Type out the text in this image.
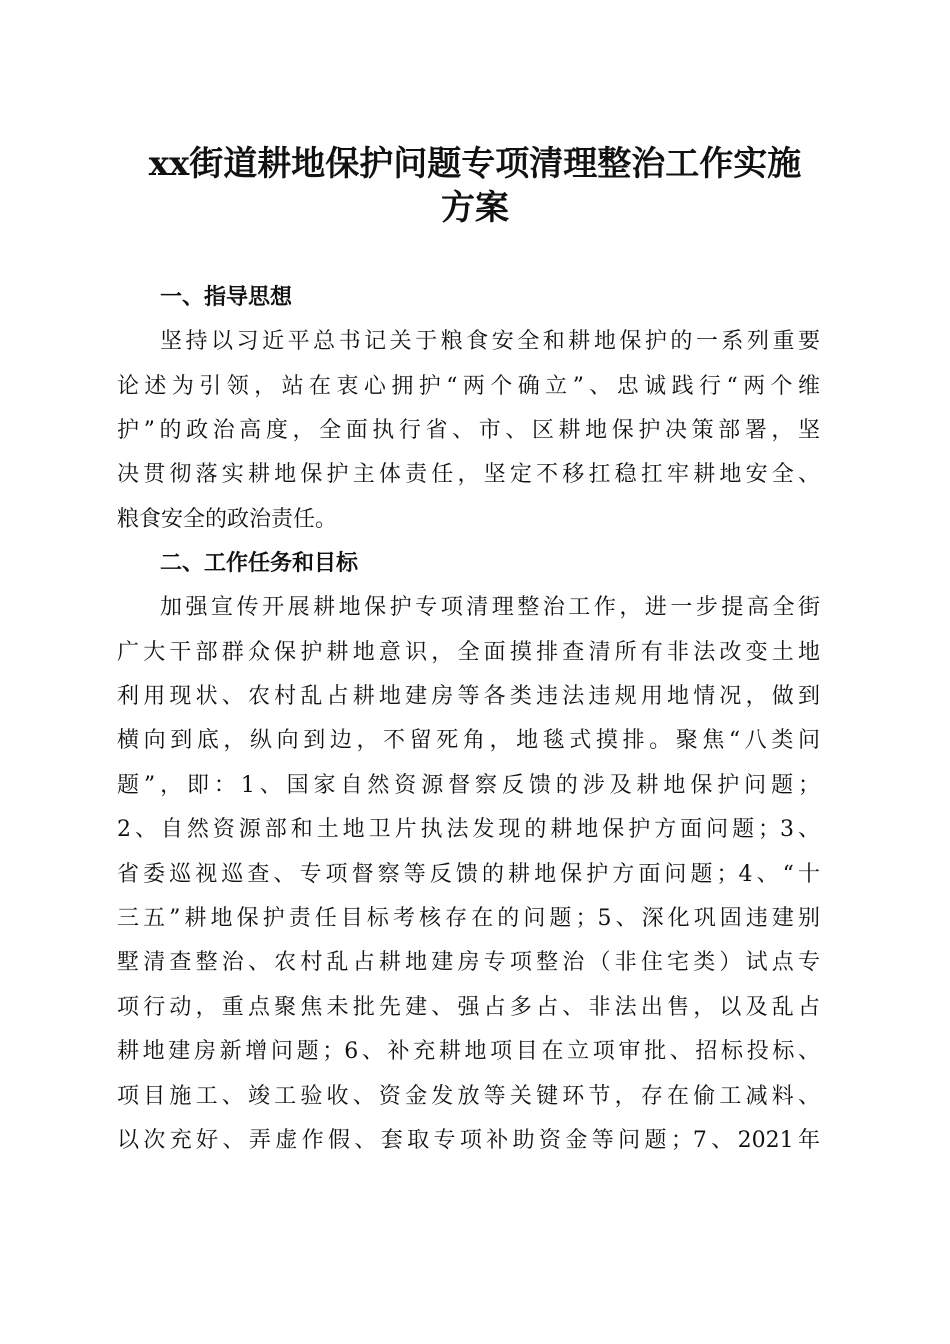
xx街道耕地保护问题专项清理整治工作实施
方案
一、指导思想

坚持以习近平总书记关于粮食安全和耕地保护的一系列重要

论述为引领，站在衷心拥护“两个确立”、忠诚践行“两个维

护”的政治高度，全面执行省、市、区耕地保护决策部署，坚

决贯彻落实耕地保护主体责任，坚定不移扛稳扛牢耕地安全、

粮食安全的政治责任。

二、工作任务和目标

加强宣传开展耕地保护专项清理整治工作，进一步提高全街

广大干部群众保护耕地意识，全面摸排查清所有非法改变土地

利用现状、农村乱占耕地建房等各类违法违规用地情况，做到

横向到底，纵向到边，不留死角，地毯式摸排。聚焦“八类问

题”，即：1、国家自然资源督察反馈的涉及耕地保护问题；

2、自然资源部和土地卫片执法发现的耕地保护方面问题；3、

省委巡视巡查、专项督察等反馈的耕地保护方面问题；4、“十

三五”耕地保护责任目标考核存在的问题；5、深化巩固违建别

墅清查整治、农村乱占耕地建房专项整治（非住宅类）试点专

项行动，重点聚焦未批先建、强占多占、非法出售，以及乱占

耕地建房新增问题；6、补充耕地项目在立项审批、招标投标、

项目施工、竣工验收、资金发放等关键环节，存在偷工减料、

以次充好、弄虚作假、套取专项补助资金等问题；7、2021年
